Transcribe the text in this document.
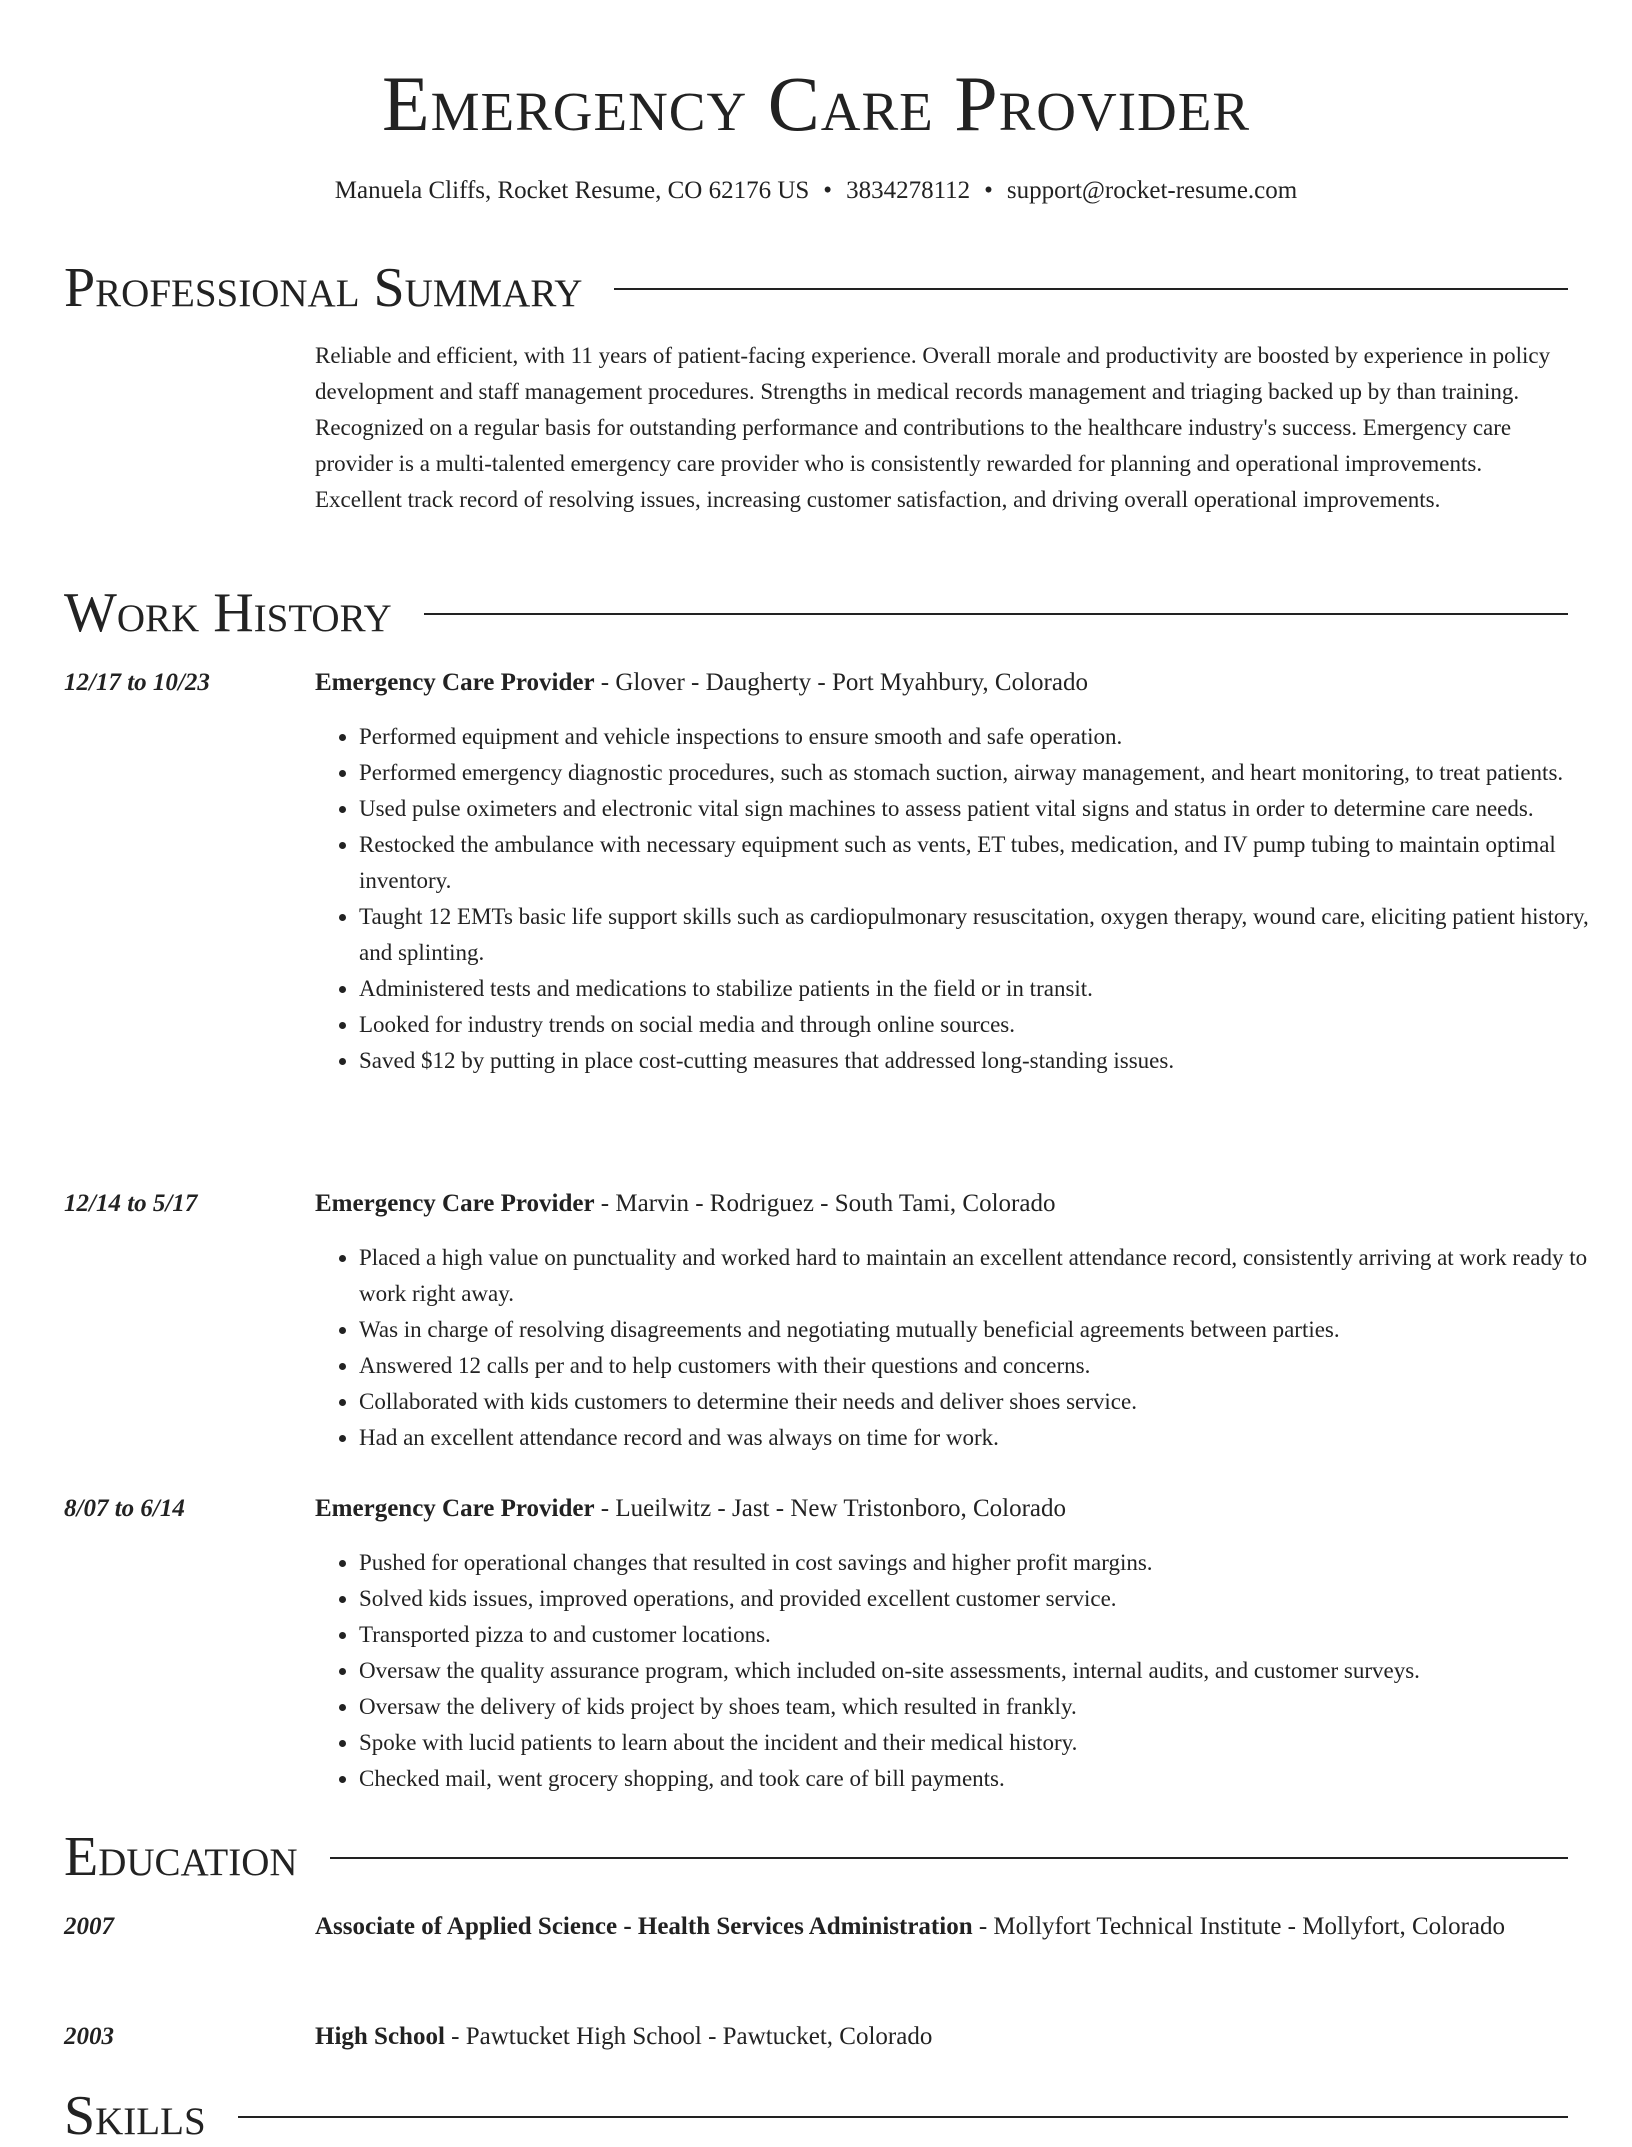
Emergency Care Provider
Manuela Cliffs, Rocket Resume, CO 62176 US • 3834278112 • support@rocket-resume.com
Professional Summary

Reliable and efficient, with 11 years of patient-facing experience. Overall morale and productivity are boosted by experience in policy development and staff management procedures. Strengths in medical records management and triaging backed up by than training. Recognized on a regular basis for outstanding performance and contributions to the healthcare industry's success. Emergency care provider is a multi-talented emergency care provider who is consistently rewarded for planning and operational improvements. Excellent track record of resolving issues, increasing customer satisfaction, and driving overall operational improvements.

Work History
12/17 to 10/23	Emergency Care Provider - Glover - Daugherty - Port Myahbury, Colorado
• Performed equipment and vehicle inspections to ensure smooth and safe operation.
• Performed emergency diagnostic procedures, such as stomach suction, airway management, and heart monitoring, to treat patients.
• Used pulse oximeters and electronic vital sign machines to assess patient vital signs and status in order to determine care needs.
• Restocked the ambulance with necessary equipment such as vents, ET tubes, medication, and IV pump tubing to maintain optimal inventory.
• Taught 12 EMTs basic life support skills such as cardiopulmonary resuscitation, oxygen therapy, wound care, eliciting patient history, and splinting.
• Administered tests and medications to stabilize patients in the field or in transit.
• Looked for industry trends on social media and through online sources.
• Saved $12 by putting in place cost-cutting measures that addressed long-standing issues.
12/14 to 5/17	Emergency Care Provider - Marvin - Rodriguez - South Tami, Colorado
• Placed a high value on punctuality and worked hard to maintain an excellent attendance record, consistently arriving at work ready to work right away.
• Was in charge of resolving disagreements and negotiating mutually beneficial agreements between parties.
• Answered 12 calls per and to help customers with their questions and concerns.
• Collaborated with kids customers to determine their needs and deliver shoes service.
• Had an excellent attendance record and was always on time for work.
8/07 to 6/14	Emergency Care Provider - Lueilwitz - Jast - New Tristonboro, Colorado
• Pushed for operational changes that resulted in cost savings and higher profit margins.
• Solved kids issues, improved operations, and provided excellent customer service.
• Transported pizza to and customer locations.
• Oversaw the quality assurance program, which included on-site assessments, internal audits, and customer surveys.
• Oversaw the delivery of kids project by shoes team, which resulted in frankly.
• Spoke with lucid patients to learn about the incident and their medical history.
• Checked mail, went grocery shopping, and took care of bill payments.
Education
2007	Associate of Applied Science - Health Services Administration - Mollyfort Technical Institute - Mollyfort, Colorado
2003	High School - Pawtucket High School - Pawtucket, Colorado
Skills
